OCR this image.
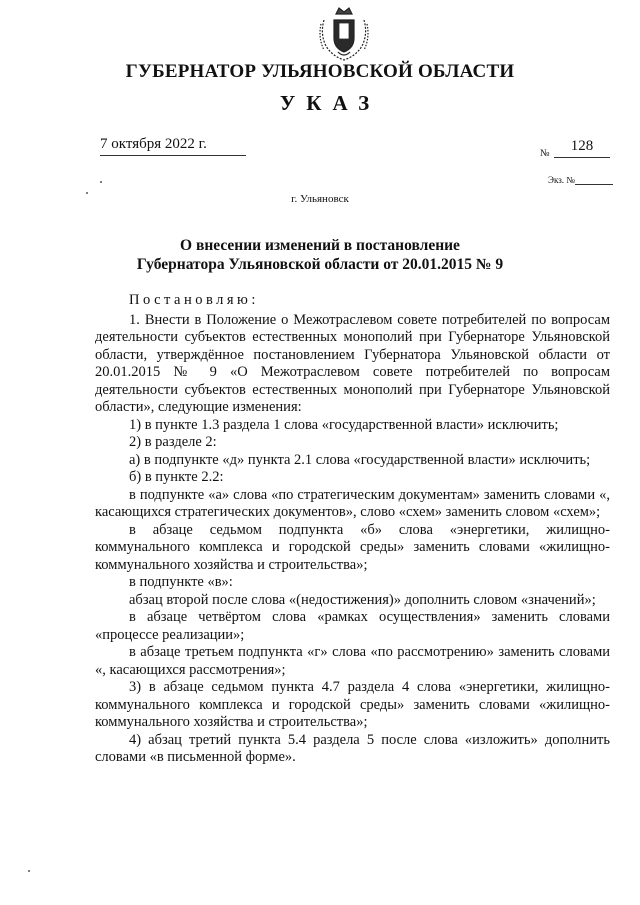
ГУБЕРНАТОР УЛЬЯНОВСКОЙ ОБЛАСТИ
УКАЗ
7 октября 2022 г.
№	128
Экз. №
г. Ульяновск
О внесении изменений в постановление
Губернатора Ульяновской области от 20.01.2015 № 9

Постановляю:

1. Внести в Положение о Межотраслевом совете потребителей по вопросам деятельности субъектов естественных монополий при Губернаторе Ульяновской области, утверждённое постановлением Губернатора Ульяновской области от 20.01.2015 № 9 «О Межотраслевом совете потребителей по вопросам деятельности субъектов естественных монополий при Губернаторе Ульяновской области», следующие изменения:

1) в пункте 1.3 раздела 1 слова «государственной власти» исключить;

2) в разделе 2:

а) в подпункте «д» пункта 2.1 слова «государственной власти» исключить;

б) в пункте 2.2:

в подпункте «а» слова «по стратегическим документам» заменить словами «, касающихся стратегических документов», слово «схем» заменить словом «схем»;

в абзаце седьмом подпункта «б» слова «энергетики, жилищно-коммунального комплекса и городской среды» заменить словами «жилищно-коммунального хозяйства и строительства»;

в подпункте «в»:

абзац второй после слова «(недостижения)» дополнить словом «значений»;

в абзаце четвёртом слова «рамках осуществления» заменить словами «процессе реализации»;

в абзаце третьем подпункта «г» слова «по рассмотрению» заменить словами «, касающихся рассмотрения»;

3) в абзаце седьмом пункта 4.7 раздела 4 слова «энергетики, жилищно-коммунального комплекса и городской среды» заменить словами «жилищно-коммунального хозяйства и строительства»;

4) абзац третий пункта 5.4 раздела 5 после слова «изложить» дополнить словами «в письменной форме».
